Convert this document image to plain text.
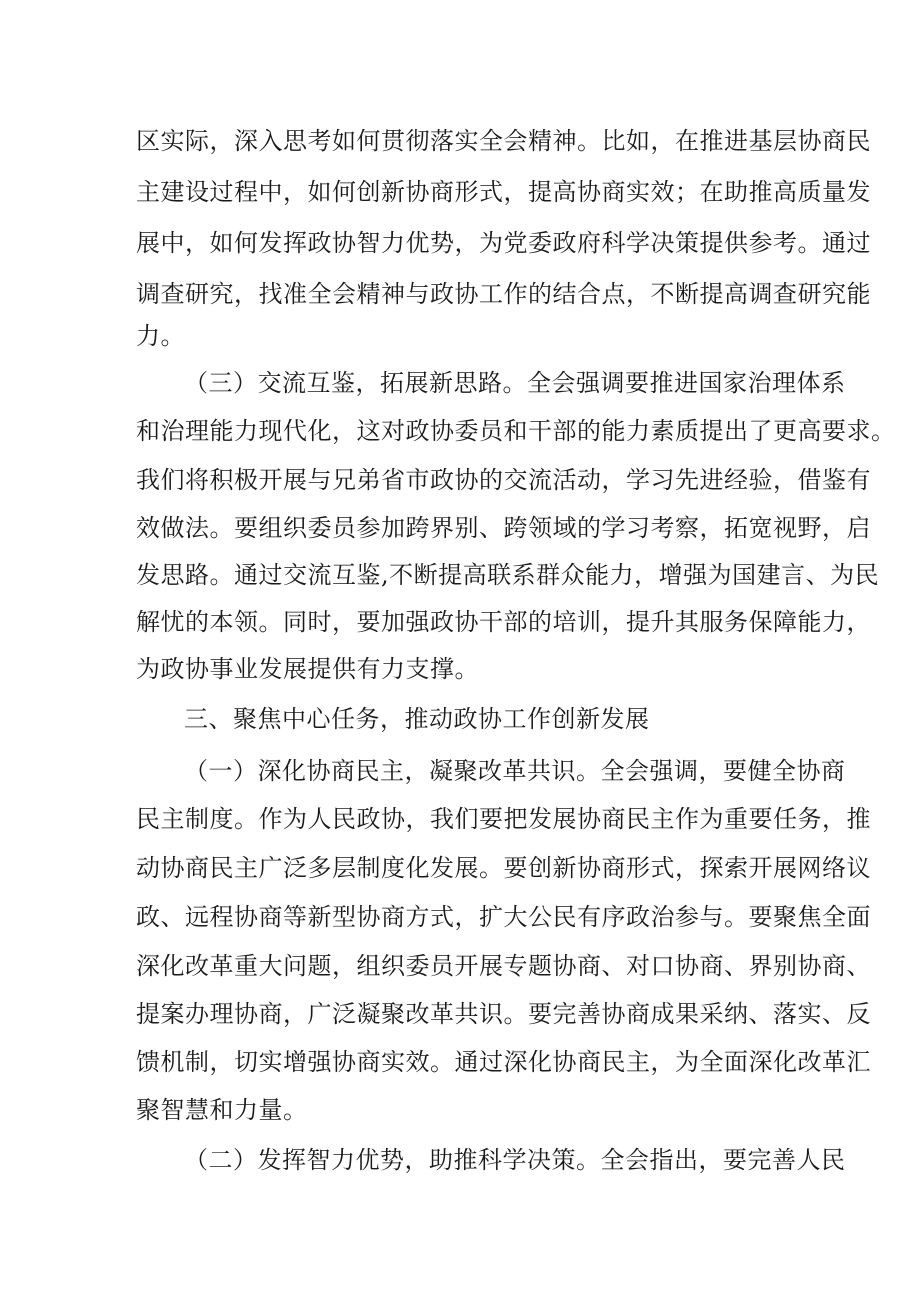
区实际，深入思考如何贯彻落实全会精神。比如，在推进基层协商民
主建设过程中，如何创新协商形式，提高协商实效；在助推高质量发
展中，如何发挥政协智力优势，为党委政府科学决策提供参考。通过
调查研究，找准全会精神与政协工作的结合点，不断提高调查研究能
力。
（三）交流互鉴，拓展新思路。全会强调要推进国家治理体系
和治理能力现代化，这对政协委员和干部的能力素质提出了更高要求。
我们将积极开展与兄弟省市政协的交流活动，学习先进经验，借鉴有
效做法。要组织委员参加跨界别、跨领域的学习考察，拓宽视野，启
发思路。通过交流互鉴,不断提高联系群众能力，增强为国建言、为民
解忧的本领。同时，要加强政协干部的培训，提升其服务保障能力，
为政协事业发展提供有力支撑。
三、聚焦中心任务，推动政协工作创新发展
（一）深化协商民主，凝聚改革共识。全会强调，要健全协商
民主制度。作为人民政协，我们要把发展协商民主作为重要任务，推
动协商民主广泛多层制度化发展。要创新协商形式，探索开展网络议
政、远程协商等新型协商方式，扩大公民有序政治参与。要聚焦全面
深化改革重大问题，组织委员开展专题协商、对口协商、界别协商、
提案办理协商，广泛凝聚改革共识。要完善协商成果采纳、落实、反
馈机制，切实增强协商实效。通过深化协商民主，为全面深化改革汇
聚智慧和力量。
（二）发挥智力优势，助推科学决策。全会指出，要完善人民
